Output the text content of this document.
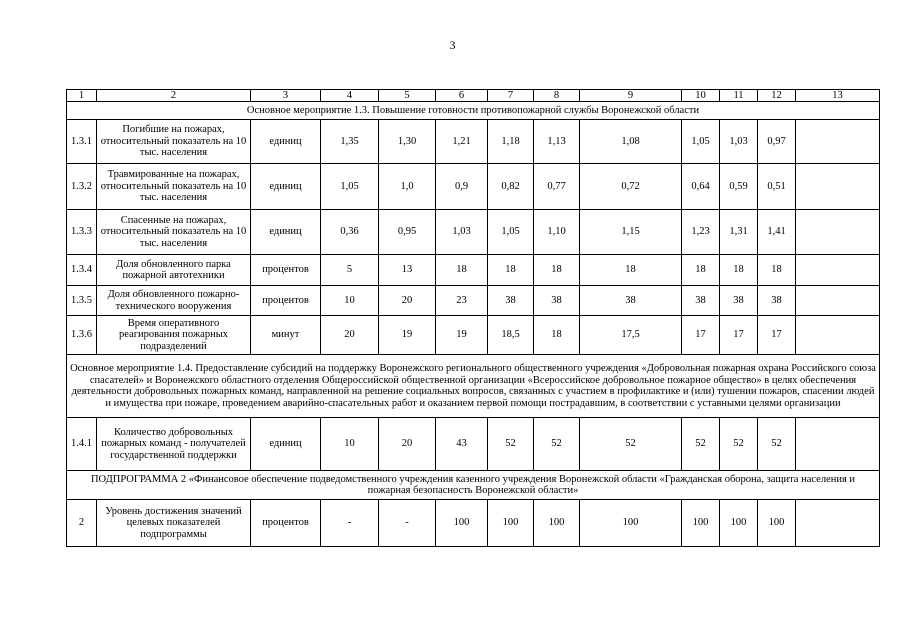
3
1	2	3	4	5	6	7	8	9	10	11	12	13
Основное мероприятие 1.3. Повышение готовности противопожарной службы Воронежской области												
1.3.1	Погибшие на пожарах, относительный показатель на 10 тыс. населения	единиц	1,35	1,30	1,21	1,18	1,13	1,08	1,05	1,03	0,97	
1.3.2	Травмированные на пожарах, относительный показатель на 10 тыс. населения	единиц	1,05	1,0	0,9	0,82	0,77	0,72	0,64	0,59	0,51	
1.3.3	Спасенные на пожарах, относительный показатель на 10 тыс. населения	единиц	0,36	0,95	1,03	1,05	1,10	1,15	1,23	1,31	1,41	
1.3.4	Доля обновленного парка пожарной автотехники	процентов	5	13	18	18	18	18	18	18	18	
1.3.5	Доля обновленного пожарно-технического вооружения	процентов	10	20	23	38	38	38	38	38	38	
1.3.6	Время оперативного реагирования пожарных подразделений	минут	20	19	19	18,5	18	17,5	17	17	17	
Основное мероприятие 1.4. Предоставление субсидий на поддержку Воронежского регионального общественного учреждения «Добровольная пожарная охрана Российского союза спасателей» и Воронежского областного отделения Общероссийской общественной организации «Всероссийское добровольное пожарное общество» в целях обеспечения деятельности добровольных пожарных команд, направленной на решение социальных вопросов, связанных с участием в профилактике и (или) тушении пожаров, спасении людей и имущества при пожаре, проведением аварийно-спасательных работ и оказанием первой помощи пострадавшим, в соответствии с уставными целями организации												
1.4.1	Количество добровольных пожарных команд - получателей государственной поддержки	единиц	10	20	43	52	52	52	52	52	52	
ПОДПРОГРАММА 2 «Финансовое обеспечение подведомственного учреждения казенного учреждения Воронежской области «Гражданская оборона, защита населения и пожарная безопасность Воронежской области»												
2	Уровень достижения значений целевых показателей подпрограммы	процентов	-	-	100	100	100	100	100	100	100	
